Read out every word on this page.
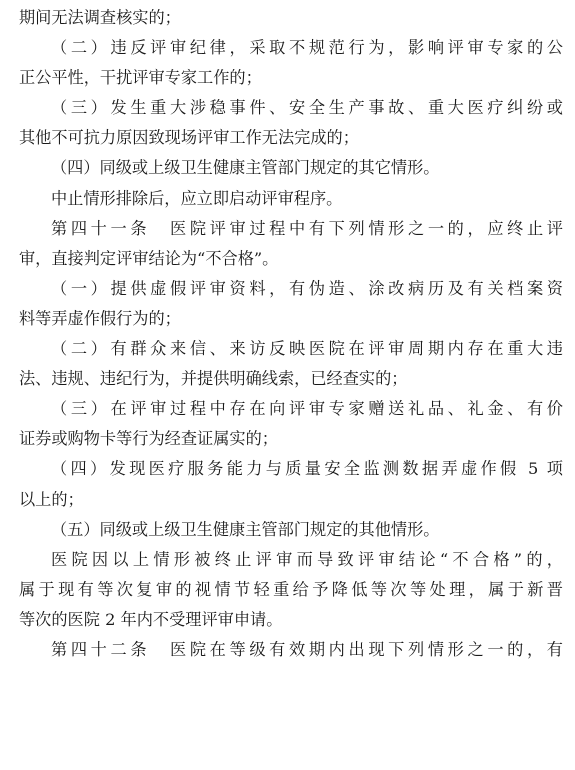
期间无法调查核实的；
（二）违反评审纪律，采取不规范行为，影响评审专家的公
正公平性，干扰评审专家工作的；
（三）发生重大涉稳事件、安全生产事故、重大医疗纠纷或
其他不可抗力原因致现场评审工作无法完成的；
（四）同级或上级卫生健康主管部门规定的其它情形。
中止情形排除后，应立即启动评审程序。
第四十一条　医院评审过程中有下列情形之一的，应终止评
审，直接判定评审结论为“不合格”。
（一）提供虚假评审资料，有伪造、涂改病历及有关档案资
料等弄虚作假行为的；
（二）有群众来信、来访反映医院在评审周期内存在重大违
法、违规、违纪行为，并提供明确线索，已经查实的；
（三）在评审过程中存在向评审专家赠送礼品、礼金、有价
证券或购物卡等行为经查证属实的；
（四）发现医疗服务能力与质量安全监测数据弄虚作假 5 项
以上的；
（五）同级或上级卫生健康主管部门规定的其他情形。
医院因以上情形被终止评审而导致评审结论“不合格”的，
属于现有等次复审的视情节轻重给予降低等次等处理，属于新晋
等次的医院 2 年内不受理评审申请。
第四十二条　医院在等级有效期内出现下列情形之一的，有
